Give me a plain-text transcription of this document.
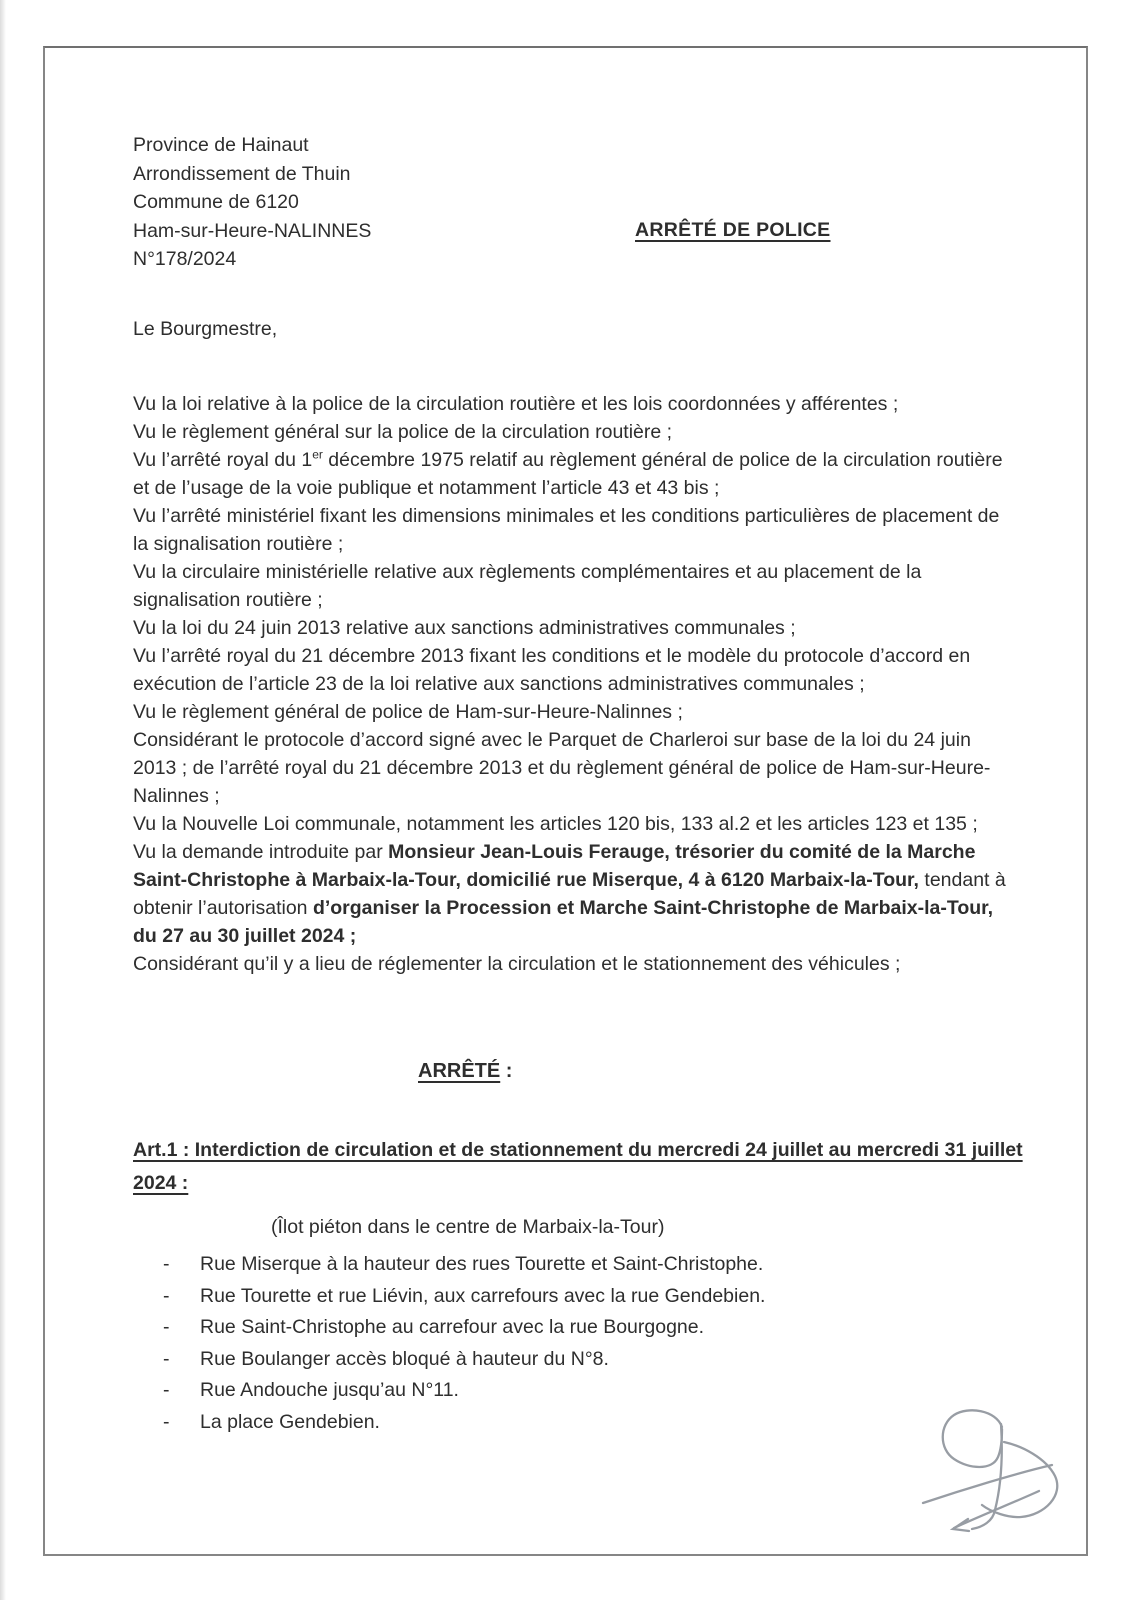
Province de Hainaut
Arrondissement de Thuin
Commune de 6120
Ham-sur-Heure-NALINNES
N°178/2024
ARRÊTÉ DE POLICE
Le Bourgmestre,

Vu la loi relative à la police de la circulation routière et les lois coordonnées y afférentes ;

Vu le règlement général sur la police de la circulation routière ;

Vu l’arrêté royal du 1er décembre 1975 relatif au règlement général de police de la circulation routière et de l’usage de la voie publique et notamment l’article 43 et 43 bis ;

Vu l’arrêté ministériel fixant les dimensions minimales et les conditions particulières de placement de la signalisation routière ;

Vu la circulaire ministérielle relative aux règlements complémentaires et au placement de la signalisation routière ;

Vu la loi du 24 juin 2013 relative aux sanctions administratives communales ;

Vu l’arrêté royal du 21 décembre 2013 fixant les conditions et le modèle du protocole d’accord en exécution de l’article 23 de la loi relative aux sanctions administratives communales ;

Vu le règlement général de police de Ham-sur-Heure-Nalinnes ;

Considérant le protocole d’accord signé avec le Parquet de Charleroi sur base de la loi du 24 juin 2013 ; de l’arrêté royal du 21 décembre 2013 et du règlement général de police de Ham-sur-Heure-Nalinnes ;

Vu la Nouvelle Loi communale, notamment les articles 120 bis, 133 al.2 et les articles 123 et 135 ;

Vu la demande introduite par Monsieur Jean-Louis Ferauge, trésorier du comité de la Marche Saint-Christophe à Marbaix-la-Tour, domicilié rue Miserque, 4 à 6120 Marbaix-la-Tour, tendant à obtenir l’autorisation d’organiser la Procession et Marche Saint-Christophe de Marbaix-la-Tour, du 27 au 30 juillet 2024 ;

Considérant qu’il y a lieu de réglementer la circulation et le stationnement des véhicules ;

ARRÊTÉ :
Art.1 : Interdiction de circulation et de stationnement du mercredi 24 juillet au mercredi 31 juillet 2024 :
(Îlot piéton dans le centre de Marbaix-la-Tour)
-	Rue Miserque à la hauteur des rues Tourette et Saint-Christophe.
-	Rue Tourette et rue Liévin, aux carrefours avec la rue Gendebien.
-	Rue Saint-Christophe au carrefour avec la rue Bourgogne.
-	Rue Boulanger accès bloqué à hauteur du N°8.
-	Rue Andouche jusqu’au N°11.
-	La place Gendebien.
